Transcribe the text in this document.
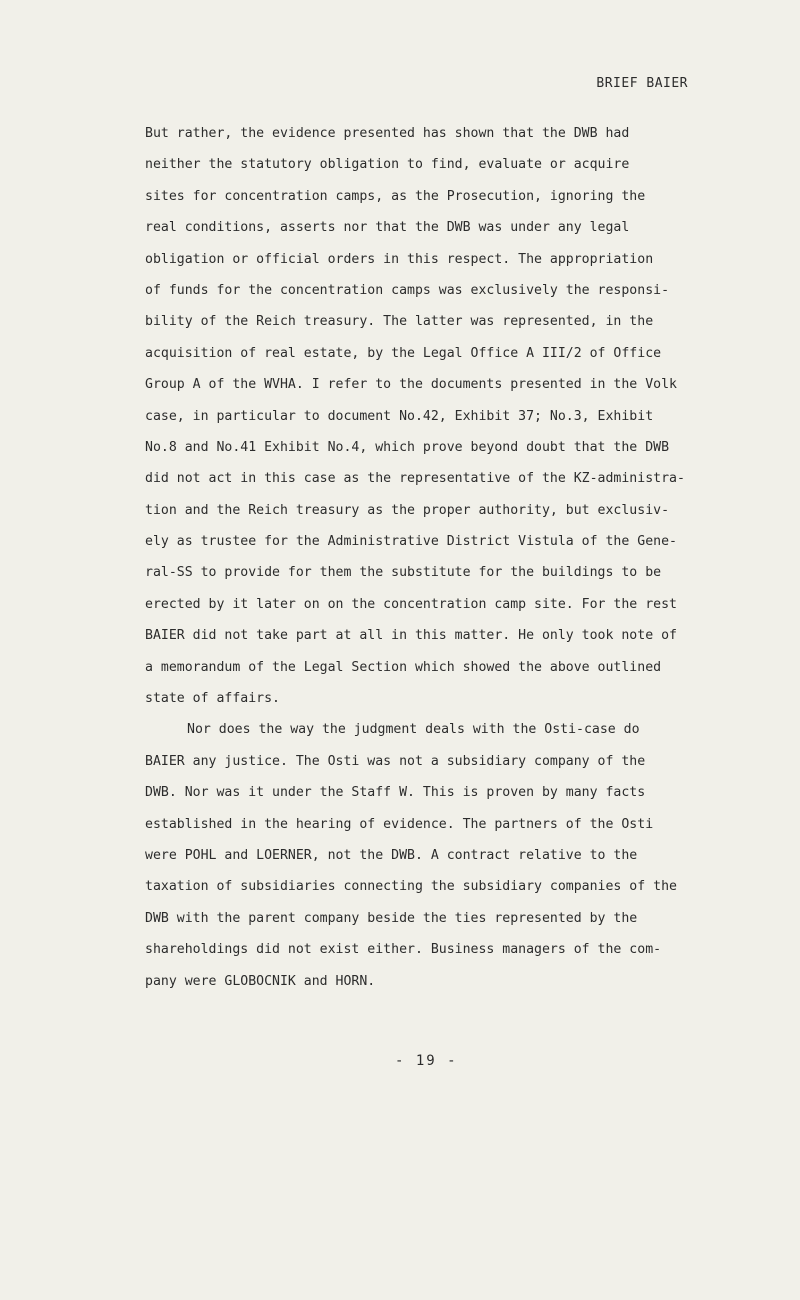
BRIEF BAIER
But rather, the evidence presented has shown that the DWB had
neither the statutory obligation to find, evaluate or acquire
sites for concentration camps, as the Prosecution, ignoring the
real conditions, asserts nor that the DWB was under any legal
obligation or official orders in this respect. The appropriation
of funds for the concentration camps was exclusively the responsi-
bility of the Reich treasury. The latter was represented, in the
acquisition of real estate, by the Legal Office A III/2 of Office
Group A of the WVHA. I refer to the documents presented in the Volk
case, in particular to document No.42, Exhibit 37; No.3, Exhibit
No.8 and No.41 Exhibit No.4, which prove beyond doubt that the DWB
did not act in this case as the representative of the KZ-administra-
tion and the Reich treasury as the proper authority, but exclusiv-
ely as trustee for the Administrative District Vistula of the Gene-
ral-SS to provide for them the substitute for the buildings to be
erected by it later on on the concentration camp site. For the rest
BAIER did not take part at all in this matter. He only took note of
a memorandum of the Legal Section which showed the above outlined
state of affairs.
Nor does the way the judgment deals with the Osti-case do
BAIER any justice. The Osti was not a subsidiary company of the
DWB. Nor was it under the Staff W. This is proven by many facts
established in the hearing of evidence. The partners of the Osti
were POHL and LOERNER, not the DWB. A contract relative to the
taxation of subsidiaries connecting the subsidiary companies of the
DWB with the parent company beside the ties represented by the
shareholdings did not exist either. Business managers of the com-
pany were GLOBOCNIK and HORN.
- 19 -
